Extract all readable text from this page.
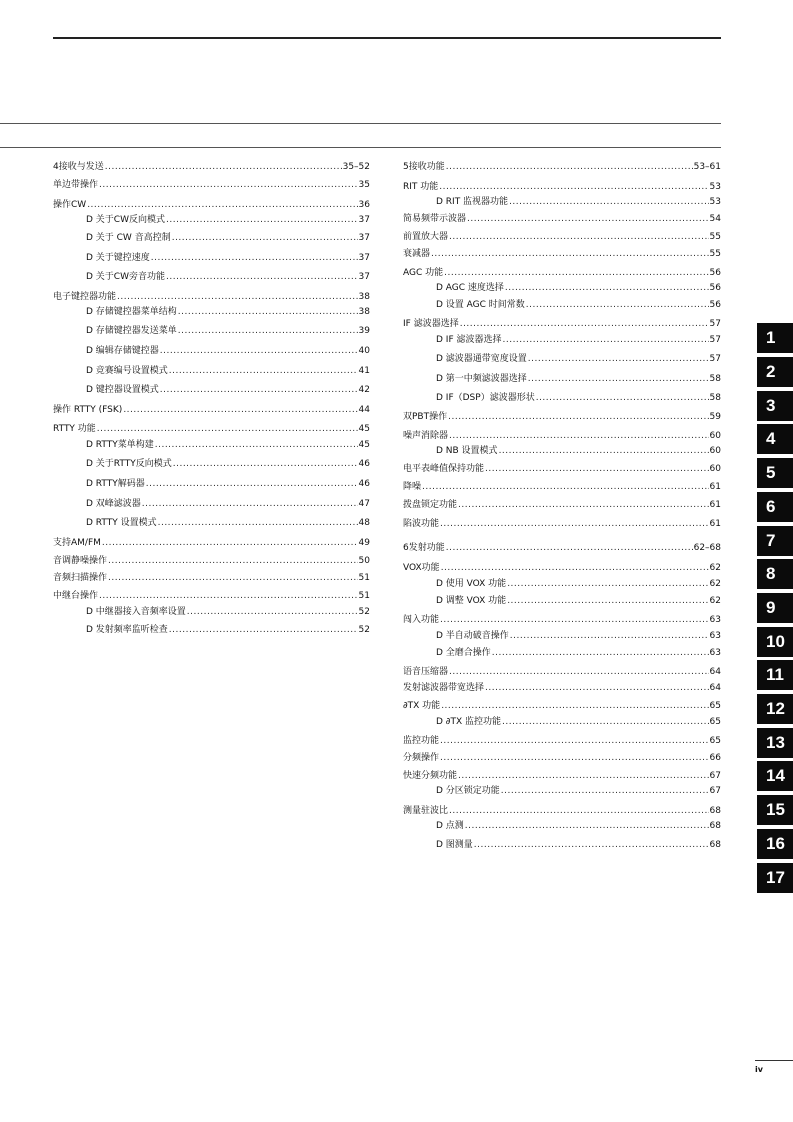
4接收与发送 .....	35–52
单边带操作 .....	35
操作CW .....	36
D 关于CW反向模式 .....	37
D 关于 CW 音高控制 .....	37
D 关于键控速度 .....	37
D 关于CW旁音功能 .....	37
电子键控器功能 .....	38
D 存储键控器菜单结构 .....	38
D 存储键控器发送菜单 .....	39
D 编辑存储键控器 .....	40
D 竞赛编号设置模式 .....	41
D 键控器设置模式 .....	42
操作 RTTY (FSK) .....	44
RTTY 功能 .....	45
D RTTY菜单构建 .....	45
D 关于RTTY反向模式 .....	46
D RTTY解码器 .....	46
D 双峰滤波器 .....	47
D RTTY 设置模式 .....	48
支持AM/FM .....	49
音调静噪操作 .....	50
音频扫描操作 .....	51
中继台操作 .....	51
D 中继器接入音频率设置 .....	52
D 发射频率监听检查 .....	52
5接收功能 .....	53–61
RIT 功能 .....	53
D RIT 监视器功能 .....	53
简易频带示波器 .....	54
前置放大器 .....	55
衰减器 .....	55
AGC 功能 .....	56
D AGC 速度选择 .....	56
D 设置 AGC 时间常数 .....	56
IF 滤波器选择 .....	57
D IF 滤波器选择 .....	57
D 滤波器通带宽度设置 .....	57
D 第一中频滤波器选择 .....	58
D IF（DSP）滤波器形状 .....	58
双PBT操作 .....	59
噪声消除器 .....	60
D NB 设置模式 .....	60
电平表峰值保持功能 .....	60
降噪 .....	61
拨盘锁定功能 .....	61
陷波功能 .....	61
6发射功能 .....	62–68
VOX功能 .....	62
D 使用 VOX 功能 .....	62
D 调整 VOX 功能 .....	62
闯入功能 .....	63
D 半自动破音操作 .....	63
D 全磨合操作 .....	63
语音压缩器 .....	64
发射滤波器带宽选择 .....	64
∂TX 功能 .....	65
D ∂TX 监控功能 .....	65
监控功能 .....	65
分频操作 .....	66
快速分频功能 .....	67
D 分区锁定功能 .....	67
测量驻波比 .....	68
D 点测 .....	68
D 图测量 .....	68
1
2
3
4
5
6
7
8
9
10
11
12
13
14
15
16
17
iv
